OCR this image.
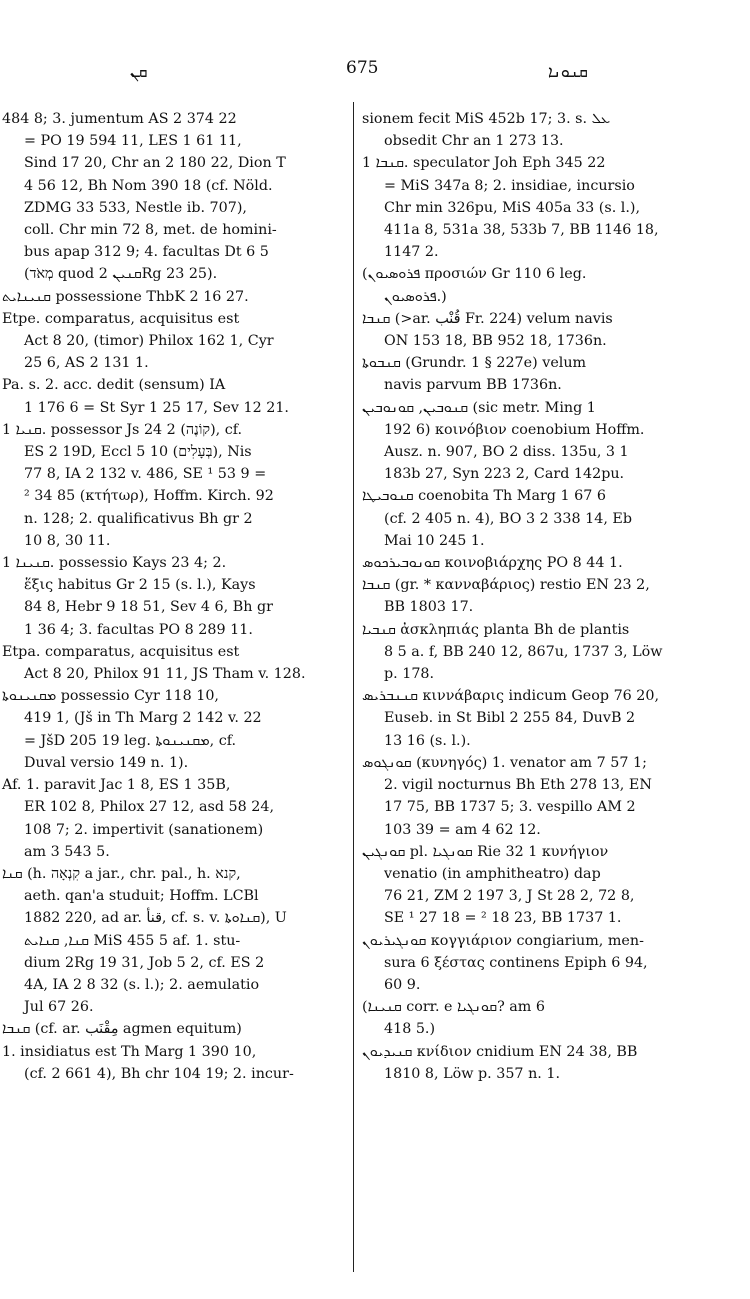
ܩܢ	675	ܩܢܘܢܐ
484 8; 3. jumentum AS 2 374 22
= PO 19 594 11, LES 1 61 11,
Sind 17 20, Chr an 2 180 22, Dion T
4 56 12, Bh Nom 390 18 (cf. Nöld.
ZDMG 33 533, Nestle ib. 707),
coll. Chr min 72 8, met. de homini-
bus apap 312 9; 4. facultas Dt 6 5
(מְאֹד quod ܩܢܝܢ 2Rg 23 25).
ܩܢܝܢܐܝܬ possessione ThbK 2 16 27.
Etpe. comparatus, acquisitus est
Act 8 20, (timor) Philox 162 1, Cyr
25 6, AS 2 131 1.
Pa. s. 2. acc. dedit (sensum) IA
1 176 6 = St Syr 1 25 17, Sev 12 21.
ܩܢܝܐ 1. possessor Js 24 2 (קוֹנֶה), cf.
ES 2 19D, Eccl 5 10 (בְּעָלִים), Nis
77 8, IA 2 132 v. 486, SE ¹ 53 9 =
² 34 85 (κτήτωρ), Hoffm. Kirch. 92
n. 128; 2. qualificativus Bh gr 2
10 8, 30 11.
ܩܢܝܢܐ 1. possessio Kays 23 4; 2.
ἕξις habitus Gr 2 15 (s. l.), Kays
84 8, Hebr 9 18 51, Sev 4 6, Bh gr
1 36 4; 3. facultas PO 8 289 11.
Etpa. comparatus, acquisitus est
Act 8 20, Philox 91 11, JS Tham v. 128.
ܡܩܢܝܢܘܬܐ possessio Cyr 118 10,
419 1, (Jš in Th Marg 2 142 v. 22
= JšD 205 19 leg. ܡܩܢܝܢܘܬܐ, cf.
Duval versio 149 n. 1).
Af. 1. paravit Jac 1 8, ES 1 35B,
ER 102 8, Philox 27 12, asd 58 24,
108 7; 2. impertivit (sanationem)
am 3 543 5.
ܩܢܐ (h. קִנְאָה a jar., chr. pal., h. קנא,
aeth. qan'a studuit; Hoffm. LCBl
1882 220, ad ar. ﻗﻨﺄ, cf. s. v. ܩܢܐܘܬܐ), U
ܩܢܐ, ܩܢܐܝܬ MiS 455 5 af. 1. stu-
dium 2Rg 19 31, Job 5 2, cf. ES 2
4A, IA 2 8 32 (s. l.); 2. aemulatio
Jul 67 26.
ܩܢܒܐ (cf. ar. ﻣِﻘْﻨَﺐ agmen equitum)
1. insidiatus est Th Marg 1 390 10,
(cf. 2 661 4), Bh chr 104 19; 2. incur-
sionem fecit MiS 452b 17; 3. s. ܥܠ
obsedit Chr an 1 273 13.
ܩܢܒܐ 1. speculator Joh Eph 345 22
= MiS 347a 8; 2. insidiae, incursio
Chr min 326pu, MiS 405a 33 (s. l.),
411a 8, 531a 38, 533b 7, BB 1146 18,
1147 2.
(ܦܪܘܣܝܘܢ προσιών Gr 110 6 leg.
ܦܪܘܣܝܘܢ.)
ܩܢܒܐ (>ar. ﻗُﻨْﺐ Fr. 224) velum navis
ON 153 18, BB 952 18, 1736n.
ܩܢܒܘܬܐ (Grundr. 1 § 227e) velum
navis parvum BB 1736n.
ܩܢܘܒܝܢ, ܩܘܢܘܒܝܢ (sic metr. Ming 1
192 6) κοινόβιον coenobium Hoffm.
Ausz. n. 907, BO 2 diss. 135u, 3 1
183b 27, Syn 223 2, Card 142pu.
ܩܢܘܒܝܛܐ coenobita Th Marg 1 67 6
(cf. 2 405 n. 4), BO 3 2 338 14, Eb
Mai 10 245 1.
ܩܘܢܘܒܝܪܟܘܣ κοινοβιάρχης PO 8 44 1.
ܩܢܒܐ (gr. * κανναβάριος) restio EN 23 2,
BB 1803 17.
ܩܢܒܝܐ ἀσκληπιάς planta Bh de plantis
8 5 a. f, BB 240 12, 867u, 1737 3, Löw
p. 178.
ܩܢܢܒܪܝܣ κιννάβαρις indicum Geop 76 20,
Euseb. in St Bibl 2 255 84, DuvB 2
13 16 (s. l.).
ܩܘܢܓܘܣ (κυνηγός) 1. venator am 7 57 1;
2. vigil nocturnus Bh Eth 278 13, EN
17 75, BB 1737 5; 3. vespillo AM 2
103 39 = am 4 62 12.
ܩܘܢܓܝܢ pl. ܩܘܢܓܝܐ Rie 32 1 κυνήγιον
venatio (in amphitheatro) dap
76 21, ZM 2 197 3, J St 28 2, 72 8,
SE ¹ 27 18 = ² 18 23, BB 1737 1.
ܩܘܢܓܝܪܝܘܢ κογγιάριον congiarium, men-
sura 6 ξέστας continens Epiph 6 94,
60 9.
(ܩܢܝܢܐ corr. e ܩܘܢܓܝܐ? am 6
418 5.)
ܩܢܝܕܝܘܢ κνίδιον cnidium EN 24 38, BB
1810 8, Löw p. 357 n. 1.
